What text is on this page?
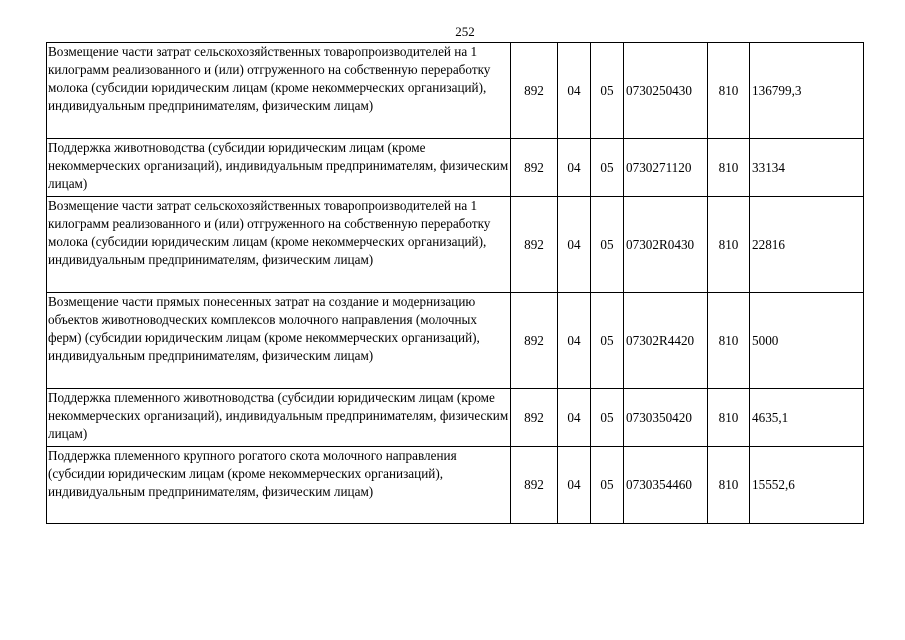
252
Возмещение части затрат сельскохозяйственных товаропроизводителей на 1 килограмм реализованного и (или) отгруженного на собственную переработку молока (субсидии юридическим лицам (кроме некоммерческих организаций), индивидуальным предпринимателям, физическим лицам)	892	04	05	0730250430	810	136799,3
Поддержка животноводства (субсидии юридическим лицам (кроме некоммерческих организаций), индивидуальным предпринимателям, физическим лицам)	892	04	05	0730271120	810	33134
Возмещение части затрат сельскохозяйственных товаропроизводителей на 1 килограмм реализованного и (или) отгруженного на собственную переработку молока (субсидии юридическим лицам (кроме некоммерческих организаций), индивидуальным предпринимателям, физическим лицам)	892	04	05	07302R0430	810	22816
Возмещение части прямых понесенных затрат на создание и модернизацию объектов животноводческих комплексов молочного направления (молочных ферм) (субсидии юридическим лицам (кроме некоммерческих организаций), индивидуальным предпринимателям, физическим лицам)	892	04	05	07302R4420	810	5000
Поддержка племенного животноводства (субсидии юридическим лицам (кроме некоммерческих организаций), индивидуальным предпринимателям, физическим лицам)	892	04	05	0730350420	810	4635,1
Поддержка племенного крупного рогатого скота молочного направления (субсидии юридическим лицам (кроме некоммерческих организаций), индивидуальным предпринимателям, физическим лицам)	892	04	05	0730354460	810	15552,6
